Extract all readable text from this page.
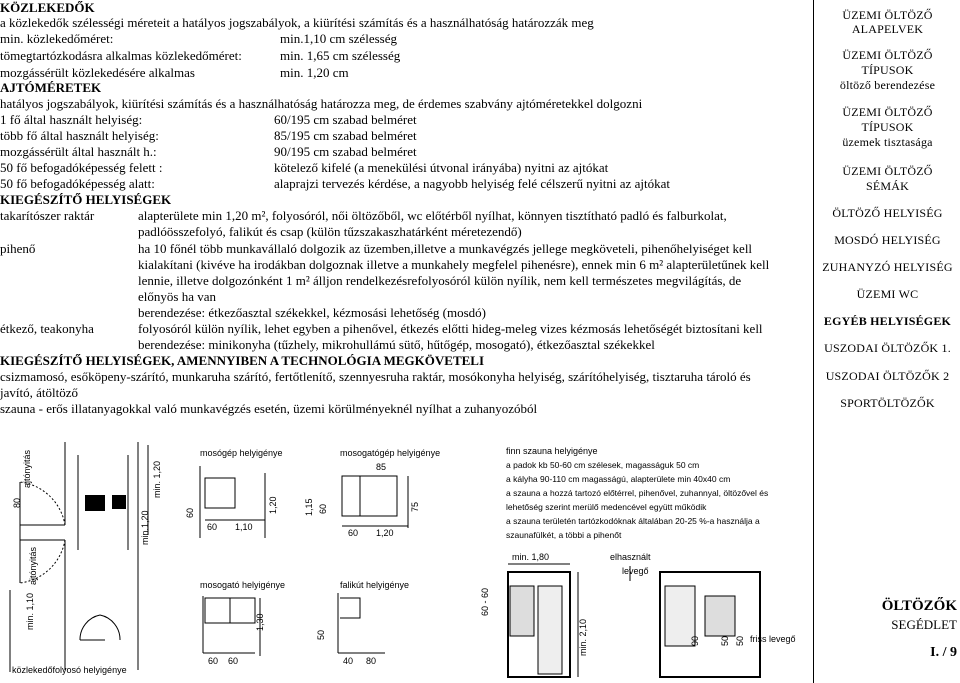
KÖZLEKEDŐK
a közlekedők szélességi méreteit a hatályos jogszabályok, a kiürítési számítás és a használhatóság határozzák meg
min. közlekedőméret:	min.1,10 cm szélesség
tömegtartózkodásra alkalmas közlekedőméret:	min. 1,65 cm szélesség
mozgássérült közlekedésére alkalmas	min. 1,20 cm
AJTÓMÉRETEK
hatályos jogszabályok, kiürítési számítás és a használhatóság határozza meg, de érdemes szabvány ajtóméretekkel dolgozni
1 fő által használt helyiség:	60/195 cm szabad belméret
több fő által használt helyiség:	85/195 cm szabad belméret
mozgássérült által használt h.:	90/195 cm szabad belméret
50 fő befogadóképesség felett :	kötelező kifelé (a menekülési útvonal irányába) nyitni az ajtókat
50 fő befogadóképesség alatt:	alaprajzi tervezés kérdése, a nagyobb helyiség felé célszerű nyitni az ajtókat
KIEGÉSZÍTŐ HELYISÉGEK
takarítószer raktár	alapterülete min 1,20 m², folyosóról, női öltözőből, wc előtérből nyílhat, könnyen tisztítható padló és falburkolat,
padlóösszefolyó, falikút és csap (külön tűzszakaszhatárként méretezendő)
pihenő	ha 10 főnél több munkavállaló dolgozik az üzemben,illetve a munkavégzés jellege megköveteli, pihenőhelyiséget kell
kialakítani (kivéve ha irodákban dolgoznak illetve a munkahely megfelel pihenésre), ennek min 6 m² alapterületűnek kell
lennie, illetve dolgozónként 1 m² álljon rendelkezésrefolyosóról külön nyílik, nem kell természetes megvilágítás, de
előnyös ha van
berendezése: étkezőasztal székekkel, kézmosási lehetőség (mosdó)
étkező, teakonyha	folyosóról külön nyílik, lehet egyben a pihenővel, étkezés előtti hideg-meleg vizes kézmosás lehetőségét biztosítani kell
berendezése: minikonyha (tűzhely, mikrohullámú sütő, hűtőgép, mosogató), étkezőasztal székekkel
KIEGÉSZÍTŐ HELYISÉGEK, AMENNYIBEN A TECHNOLÓGIA MEGKÖVETELI
csizmamosó, esőköpeny-szárító, munkaruha szárító, fertőtlenítő, szennyesruha raktár, mosókonyha helyiség, szárítóhelyiség, tisztaruha tároló és
javító, átöltöző
szauna - erős illatanyagokkal való munkavégzés esetén, üzemi körülményeknél nyílhat a zuhanyozóból
ajtónyitás
ajtónyitás
80
min. 1,20
min.1,20
min. 1,10
közlekedőfolyosó helyigénye
mosógép helyigénye
60
60 1,10
1,20
mosogatógép helyigénye
85
1,15 60
60 1,20
75
mosogató helyigénye
1,30
60 60
falikút helyigénye
50
40 80
finn szauna helyigénye
a padok kb 50-60 cm szélesek, magasságuk 50 cm
a kályha 90-110 cm magasságú, alapterülete min 40x40 cm
a szauna a hozzá tartozó előtérrel, pihenővel, zuhannyal, öltözővel és
lehetőség szerint merülő medencével együtt működik
a szauna területén tartózkodóknak általában 20-25 %-a használja a
szaunafülkét, a többi a pihenőt
min. 1,80
60 - 60
min. 2,10
elhasznált
levegő
90 50 50 friss levegő
ÜZEMI ÖLTÖZŐ
ALAPELVEK
ÜZEMI ÖLTÖZŐ
TÍPUSOK
öltöző berendezése
ÜZEMI ÖLTÖZŐ
TÍPUSOK
üzemek tisztasága
ÜZEMI ÖLTÖZŐ
SÉMÁK
ÖLTÖZŐ HELYISÉG
MOSDÓ HELYISÉG
ZUHANYZÓ HELYISÉG
ÜZEMI WC
EGYÉB HELYISÉGEK
USZODAI ÖLTÖZŐK 1.
USZODAI ÖLTÖZŐK 2
SPORTÖLTÖZŐK
ÖLTÖZŐK
SEGÉDLET
I. / 9
